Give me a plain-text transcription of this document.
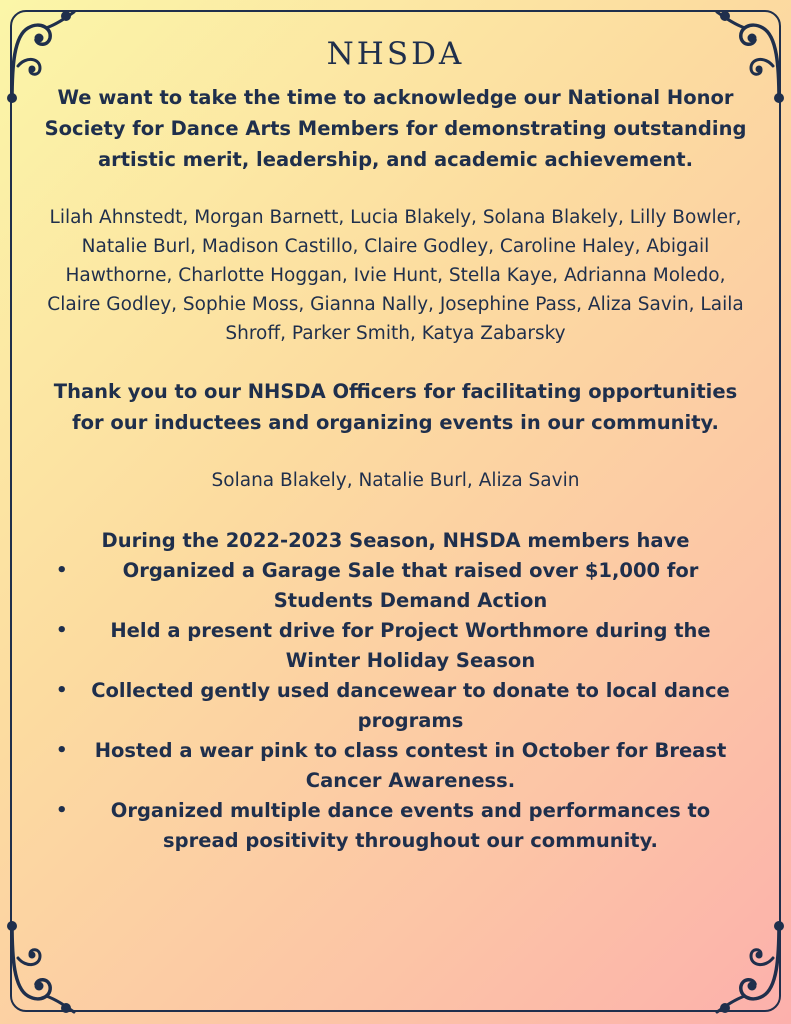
NHSDA

We want to take the time to acknowledge our National Honor Society for Dance Arts Members for demonstrating outstanding artistic merit, leadership, and academic achievement.

Lilah Ahnstedt, Morgan Barnett, Lucia Blakely, Solana Blakely, Lilly Bowler, Natalie Burl, Madison Castillo, Claire Godley, Caroline Haley, Abigail Hawthorne, Charlotte Hoggan, Ivie Hunt, Stella Kaye, Adrianna Moledo, Claire Godley, Sophie Moss, Gianna Nally, Josephine Pass, Aliza Savin, Laila Shroff, Parker Smith, Katya Zabarsky

Thank you to our NHSDA Officers for facilitating opportunities for our inductees and organizing events in our community.

Solana Blakely, Natalie Burl, Aliza Savin

During the 2022-2023 Season, NHSDA members have

•	Organized a Garage Sale that raised over $1,000 for Students Demand Action
• Held a present drive for Project Worthmore during the Winter Holiday Season
• Collected gently used dancewear to donate to local dance programs
• Hosted a wear pink to class contest in October for Breast Cancer Awareness.
• Organized multiple dance events and performances to spread positivity throughout our community.
